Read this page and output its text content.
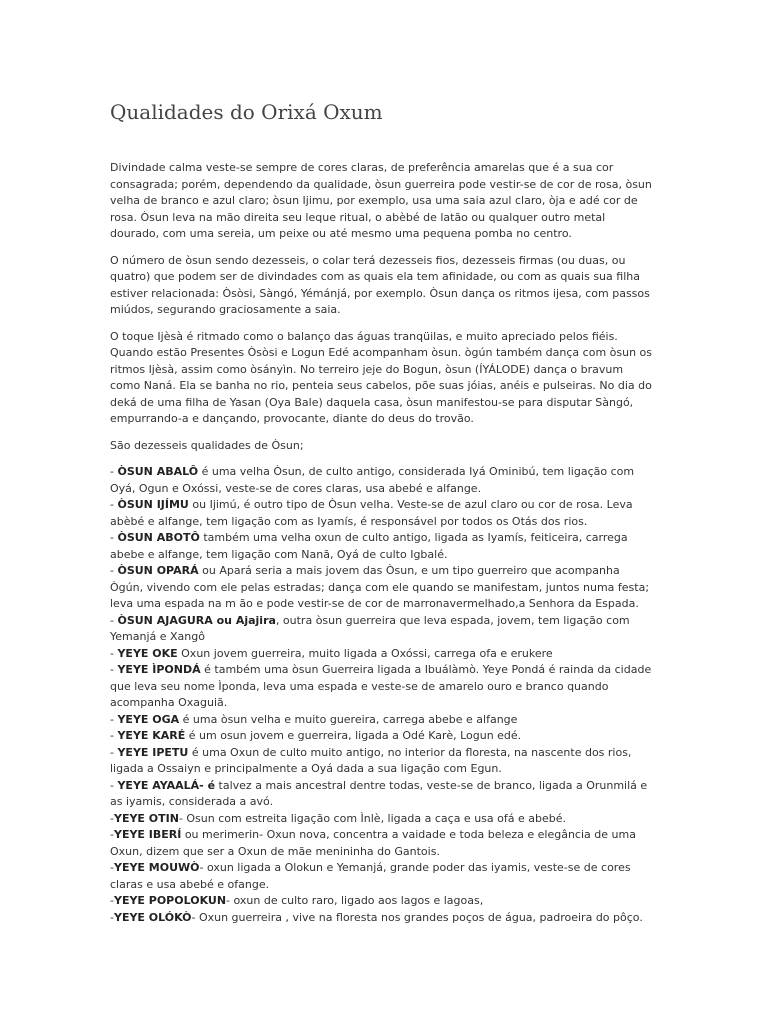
Qualidades do Orixá Oxum

Divindade calma veste-se sempre de cores claras, de preferência amarelas que é a sua cor consagrada; porém, dependendo da qualidade, òsun guerreira pode vestir-se de cor de rosa, òsun velha de branco e azul claro; òsun Ijimu, por exemplo, usa uma saia azul claro, òja e adé cor de rosa. Òsun leva na mão direita seu leque ritual, o abèbé de latão ou qualquer outro metal dourado, com uma sereia, um peixe ou até mesmo uma pequena pomba no centro.

O número de òsun sendo dezesseis, o colar terá dezesseis fios, dezesseis firmas (ou duas, ou quatro) que podem ser de divindades com as quais ela tem afinidade, ou com as quais sua filha estiver relacionada: Òsòsi, Sàngó, Yémánjá, por exemplo. Òsun dança os ritmos ijesa, com passos miúdos, segurando graciosamente a saia.

O toque Ijèsà é ritmado como o balanço das águas tranqüilas, e muito apreciado pelos fiéis. Quando estão Presentes Òsòsi e Logun Edé acompanham òsun. ògún também dança com òsun os ritmos Ijèsà, assim como òsányìn. No terreiro jeje do Bogun, òsun (ÍYÁLODE) dança o bravum como Naná. Ela se banha no rio, penteia seus cabelos, põe suas jóias, anéis e pulseiras. No dia do deká de uma filha de Yasan (Oya Bale) daquela casa, òsun manifestou-se para disputar Sàngó, empurrando-a e dançando, provocante, diante do deus do trovão.

São dezesseis qualidades de Òsun;

- ÒSUN ABALÔ é uma velha Òsun, de culto antigo, considerada Iyá Ominibú, tem ligação com Oyá, Ogun e Oxóssi, veste-se de cores claras, usa abebé e alfange.
- ÒSUN IJÍMU ou Ijimú, é outro tipo de Òsun velha. Veste-se de azul claro ou cor de rosa. Leva abèbé e alfange, tem ligação com as Iyamís, é responsável por todos os Otás dos rios.
- ÒSUN ABOTÔ também uma velha oxun de culto antigo, ligada as Iyamís, feiticeira, carrega abebe e alfange, tem ligação com Nanã, Oyá de culto Igbalé.
- ÒSUN OPARÁ ou Apará seria a mais jovem das Òsun, e um tipo guerreiro que acompanha Ògún, vivendo com ele pelas estradas; dança com ele quando se manifestam, juntos numa festa; leva uma espada na m ão e pode vestir-se de cor de marronavermelhado,a Senhora da Espada.
- ÒSUN AJAGURA ou Ajajira, outra òsun guerreira que leva espada, jovem, tem ligação com Yemanjá e Xangô
- YEYE OKE Oxun jovem guerreira, muito ligada a Oxóssi, carrega ofa e erukere
- YEYE ÌPONDÁ é também uma òsun Guerreira ligada a Ibuálàmò. Yeye Pondá é rainda da cidade que leva seu nome Ìponda, leva uma espada e veste-se de amarelo ouro e branco quando acompanha Oxaguiã.
- YEYE OGA é uma òsun velha e muito guereira, carrega abebe e alfange
- YEYE KARÉ é um osun jovem e guerreira, ligada a Odé Karè, Logun edé.
- YEYE IPETU é uma Oxun de culto muito antigo, no interior da floresta, na nascente dos rios, ligada a Ossaiyn e principalmente a Oyá dada a sua ligação com Egun.
- YEYE AYAALÁ- é talvez a mais ancestral dentre todas, veste-se de branco, ligada a Orunmilá e as iyamis, considerada a avó.
-YEYE OTIN- Osun com estreita ligação com Ìnlè, ligada a caça e usa ofá e abebé.
-YEYE IBERÍ ou merimerin- Oxun nova, concentra a vaidade e toda beleza e elegância de uma Oxun, dizem que ser a Oxun de mãe menininha do Gantois.
-YEYE MOUWÒ- oxun ligada a Olokun e Yemanjá, grande poder das iyamis, veste-se de cores claras e usa abebé e ofange.
-YEYE POPOLOKUN- oxun de culto raro, ligado aos lagos e lagoas,
-YEYE OLÓKÒ- Oxun guerreira , vive na floresta nos grandes poços de água, padroeira do pôço.
